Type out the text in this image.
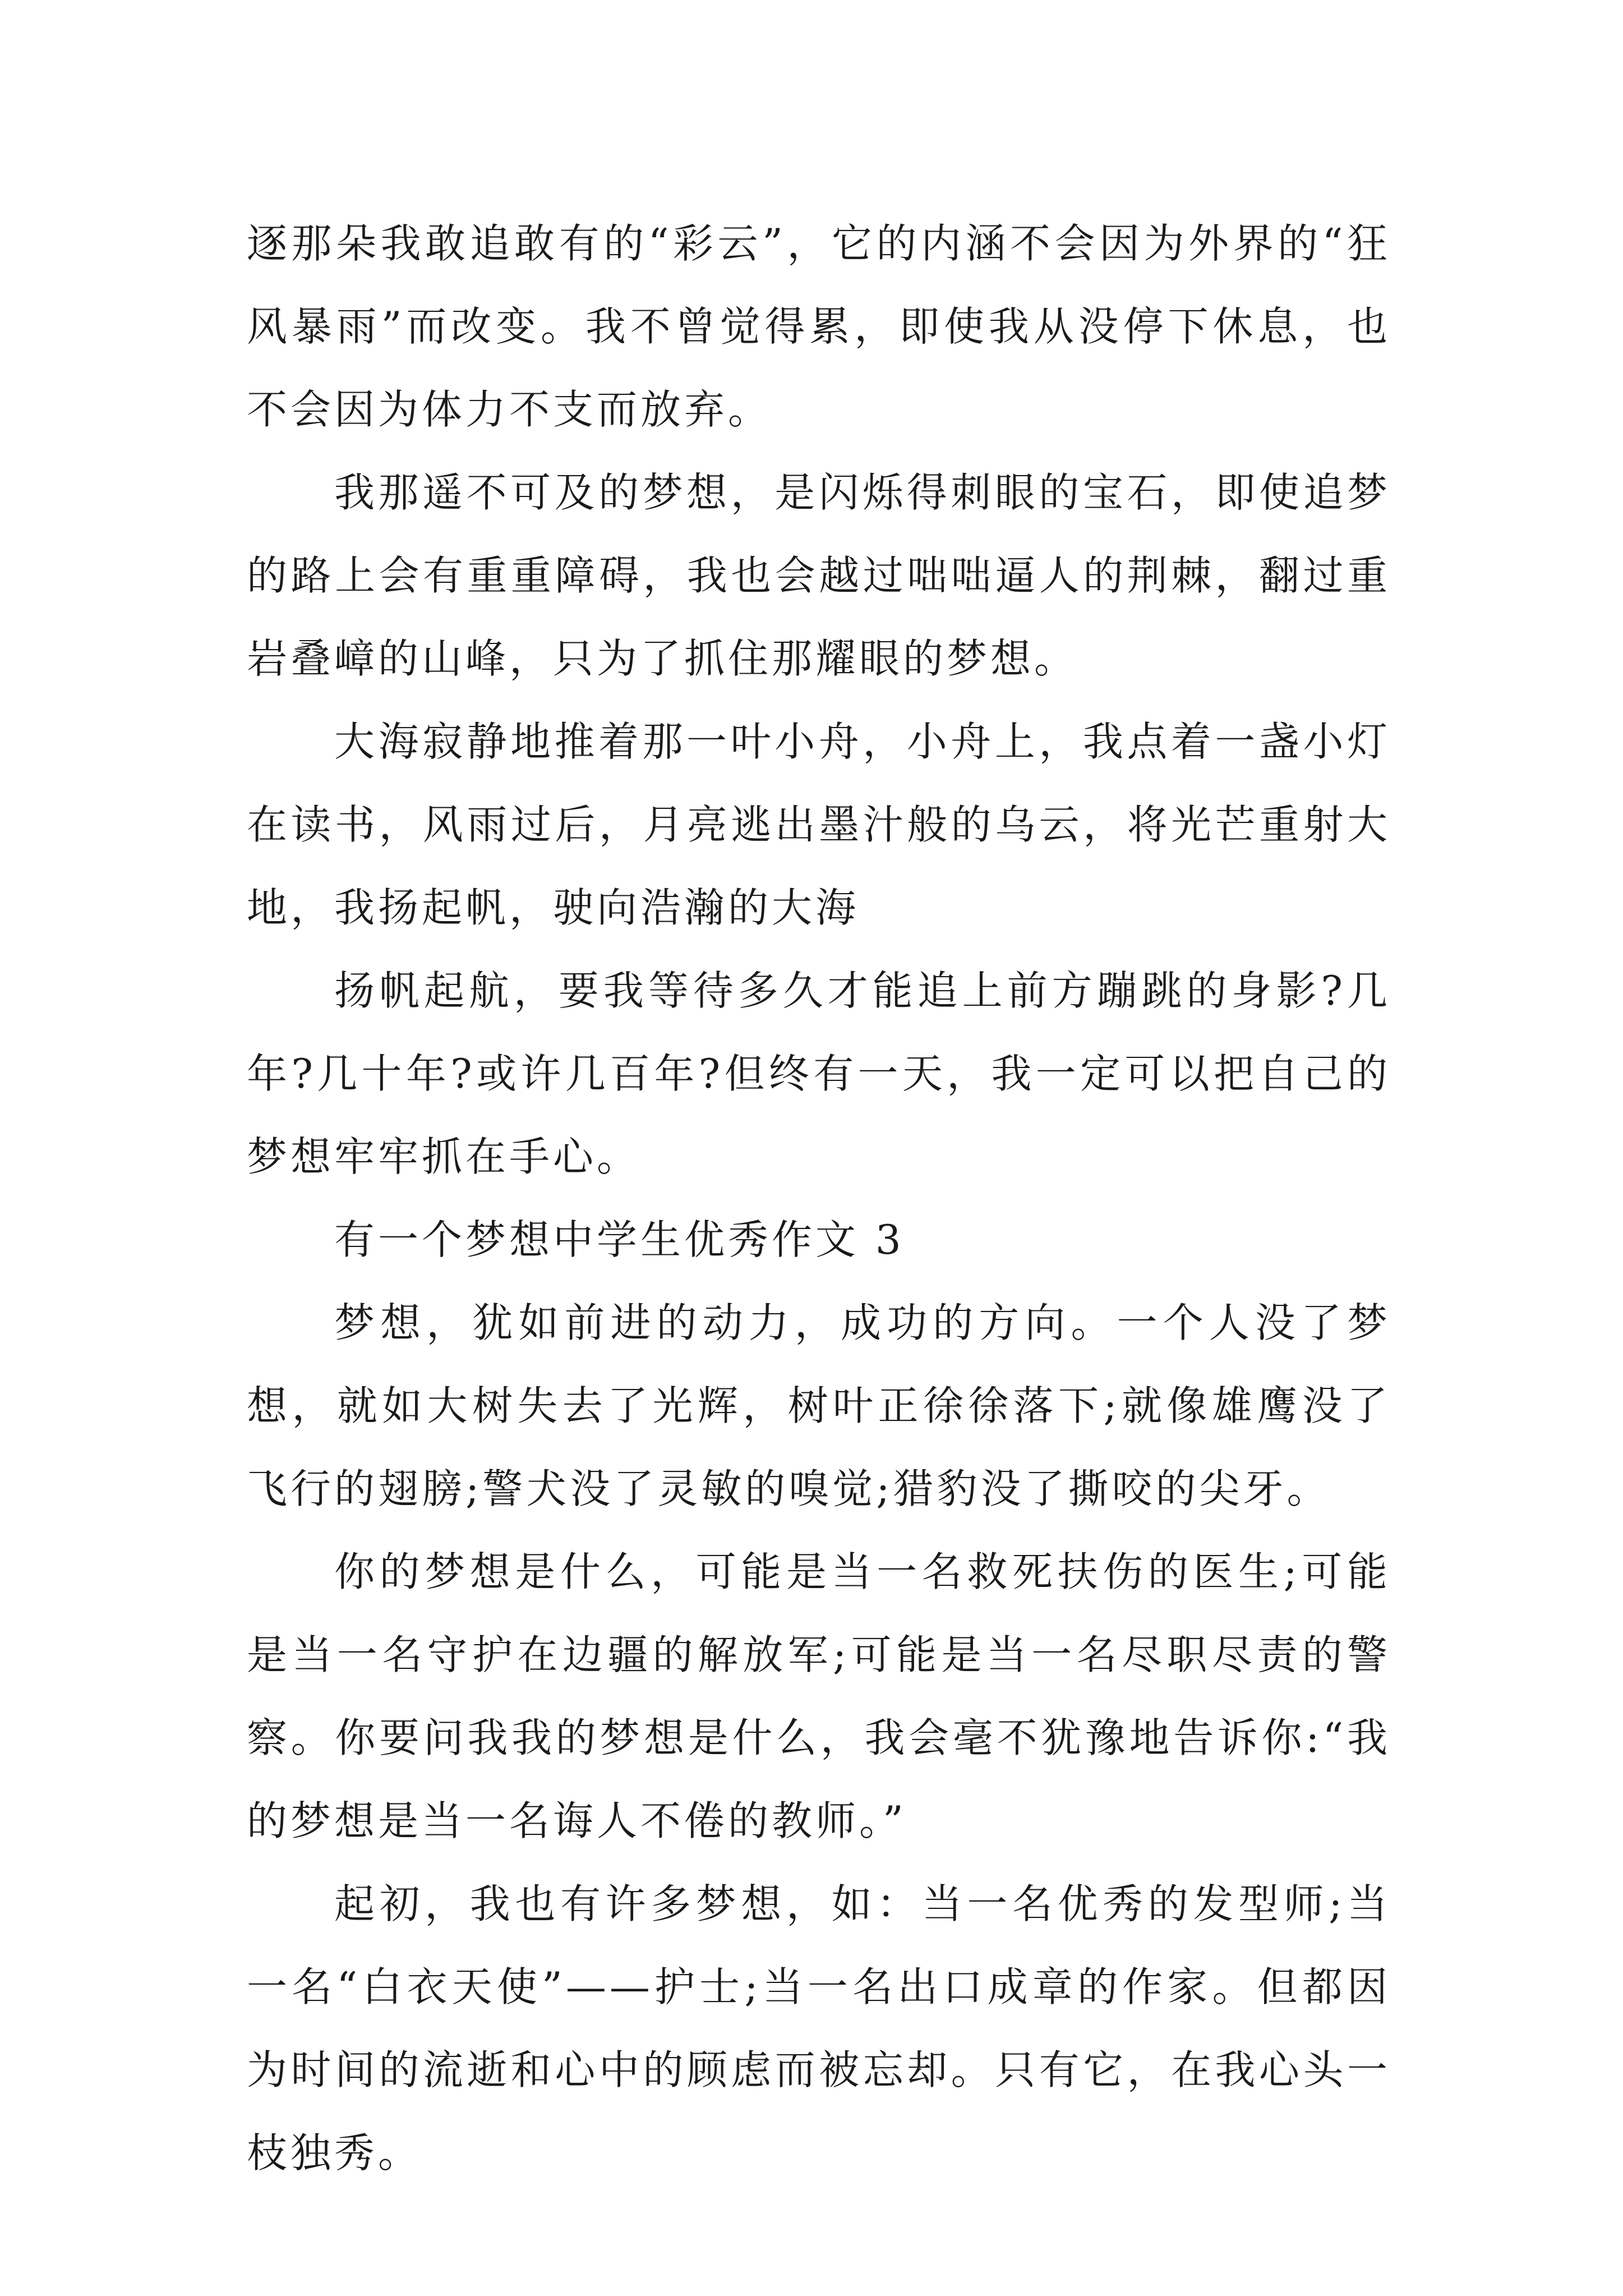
逐那朵我敢追敢有的“彩云”，它的内涵不会因为外界的“狂风暴雨”而改变。我不曾觉得累，即使我从没停下休息，也不会因为体力不支而放弃。

我那遥不可及的梦想，是闪烁得刺眼的宝石，即使追梦的路上会有重重障碍，我也会越过咄咄逼人的荆棘，翻过重岩叠嶂的山峰，只为了抓住那耀眼的梦想。

大海寂静地推着那一叶小舟，小舟上，我点着一盏小灯在读书，风雨过后，月亮逃出墨汁般的乌云，将光芒重射大地，我扬起帆，驶向浩瀚的大海

扬帆起航，要我等待多久才能追上前方蹦跳的身影?几年?几十年?或许几百年?但终有一天，我一定可以把自己的梦想牢牢抓在手心。

有一个梦想中学生优秀作文 3

梦想，犹如前进的动力，成功的方向。一个人没了梦想，就如大树失去了光辉，树叶正徐徐落下;就像雄鹰没了飞行的翅膀;警犬没了灵敏的嗅觉;猎豹没了撕咬的尖牙。

你的梦想是什么，可能是当一名救死扶伤的医生;可能是当一名守护在边疆的解放军;可能是当一名尽职尽责的警察。你要问我我的梦想是什么，我会毫不犹豫地告诉你:“我的梦想是当一名诲人不倦的教师。”

起初，我也有许多梦想，如：当一名优秀的发型师;当一名“白衣天使”——护士;当一名出口成章的作家。但都因为时间的流逝和心中的顾虑而被忘却。只有它，在我心头一枝独秀。
